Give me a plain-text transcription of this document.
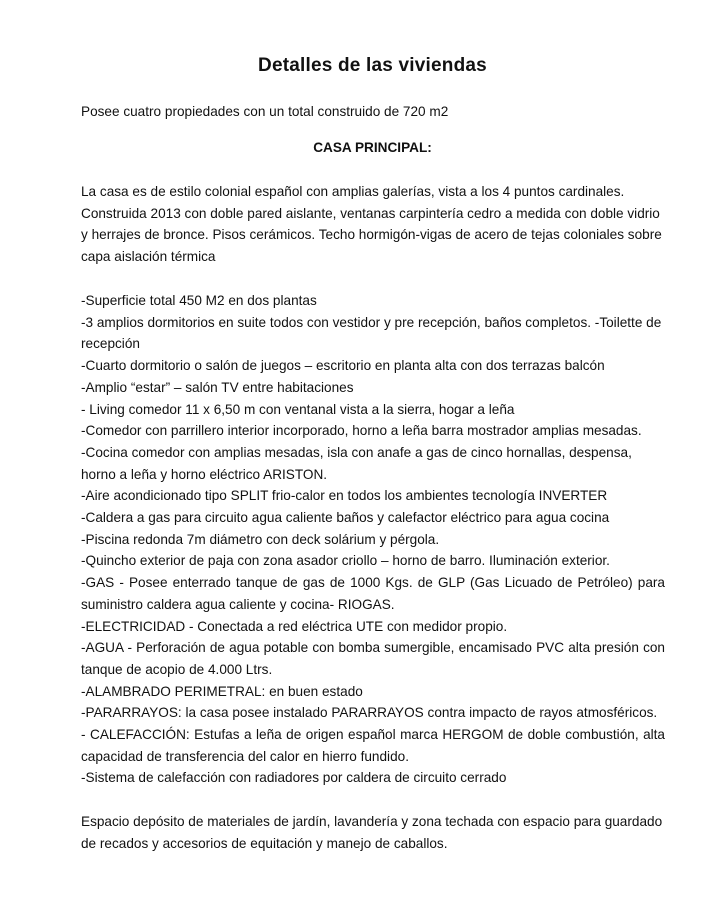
Detalles de las viviendas

Posee cuatro propiedades con un total construido de 720 m2

CASA PRINCIPAL:

La casa es de estilo colonial español con amplias galerías, vista a los 4 puntos cardinales. Construida 2013 con doble pared aislante, ventanas carpintería cedro a medida con doble vidrio y herrajes de bronce. Pisos cerámicos. Techo hormigón-vigas de acero de tejas coloniales sobre capa aislación térmica

-Superficie total 450 M2 en dos plantas
-3 amplios dormitorios en suite todos con vestidor y pre recepción, baños completos. -Toilette de recepción
-Cuarto dormitorio o salón de juegos – escritorio en planta alta con dos terrazas balcón
-Amplio “estar” – salón TV entre habitaciones
- Living comedor 11 x 6,50 m con ventanal vista a la sierra, hogar a leña
-Comedor con parrillero interior incorporado, horno a leña barra mostrador amplias mesadas.
-Cocina comedor con amplias mesadas, isla con anafe a gas de cinco hornallas, despensa, horno a leña y horno eléctrico ARISTON.
-Aire acondicionado tipo SPLIT frio-calor en todos los ambientes tecnología INVERTER
-Caldera a gas para circuito agua caliente baños y calefactor eléctrico para agua cocina
-Piscina redonda 7m diámetro con deck solárium y pérgola.
-Quincho exterior de paja con zona asador criollo – horno de barro. Iluminación exterior.
-GAS - Posee enterrado tanque de gas de 1000 Kgs. de GLP (Gas Licuado de Petróleo) para suministro caldera agua caliente y cocina- RIOGAS.
-ELECTRICIDAD - Conectada a red eléctrica UTE con medidor propio.
-AGUA - Perforación de agua potable con bomba sumergible, encamisado PVC alta presión con tanque de acopio de 4.000 Ltrs.
-ALAMBRADO PERIMETRAL: en buen estado
-PARARRAYOS: la casa posee instalado PARARRAYOS contra impacto de rayos atmosféricos.
- CALEFACCIÓN: Estufas a leña de origen español marca HERGOM de doble combustión, alta capacidad de transferencia del calor en hierro fundido.
-Sistema de calefacción con radiadores por caldera de circuito cerrado

Espacio depósito de materiales de jardín, lavandería y zona techada con espacio para guardado de recados y accesorios de equitación y manejo de caballos.
